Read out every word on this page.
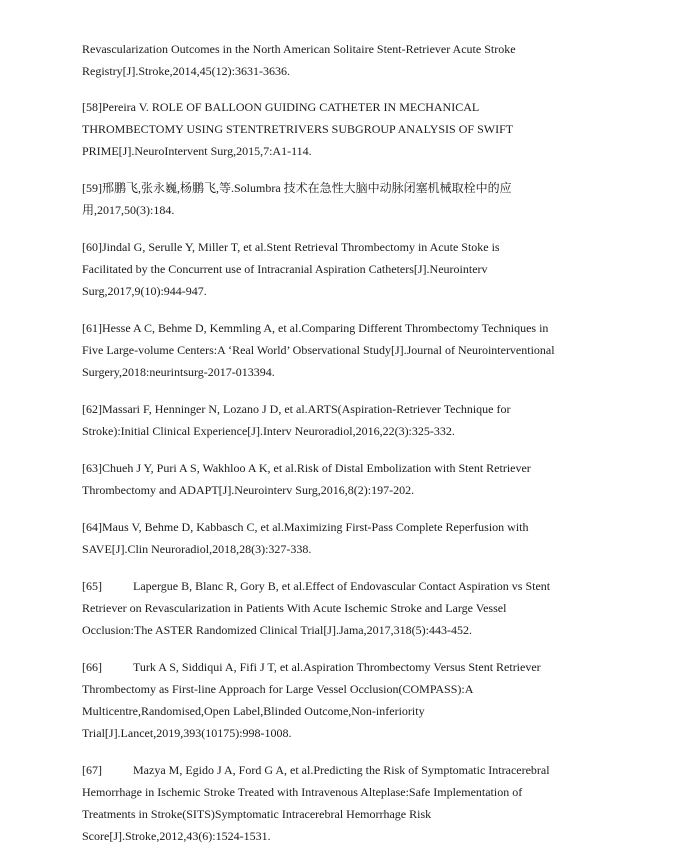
Revascularization Outcomes in the North American Solitaire Stent-Retriever Acute Stroke
Registry[J].Stroke,2014,45(12):3631-3636.
[58]Pereira V. ROLE OF BALLOON GUIDING CATHETER IN MECHANICAL
THROMBECTOMY USING STENTRETRIVERS SUBGROUP ANALYSIS OF SWIFT
PRIME[J].NeuroIntervent Surg,2015,7:A1-114.
[59]邢鹏飞,张永巍,杨鹏飞,等.Solumbra 技术在急性大脑中动脉闭塞机械取栓中的应
用,2017,50(3):184.
[60]Jindal G, Serulle Y, Miller T, et al.Stent Retrieval Thrombectomy in Acute Stoke is
Facilitated by the Concurrent use of Intracranial Aspiration Catheters[J].Neurointerv
Surg,2017,9(10):944-947.
[61]Hesse A C, Behme D, Kemmling A, et al.Comparing Different Thrombectomy Techniques in
Five Large-volume Centers:A ‘Real World’ Observational Study[J].Journal of Neurointerventional
Surgery,2018:neurintsurg-2017-013394.
[62]Massari F, Henninger N, Lozano J D, et al.ARTS(Aspiration-Retriever Technique for
Stroke):Initial Clinical Experience[J].Interv Neuroradiol,2016,22(3):325-332.
[63]Chueh J Y, Puri A S, Wakhloo A K, et al.Risk of Distal Embolization with Stent Retriever
Thrombectomy and ADAPT[J].Neurointerv Surg,2016,8(2):197-202.
[64]Maus V, Behme D, Kabbasch C, et al.Maximizing First-Pass Complete Reperfusion with
SAVE[J].Clin Neuroradiol,2018,28(3):327-338.
[65]	Lapergue B, Blanc R, Gory B, et al.Effect of Endovascular Contact Aspiration vs Stent
Retriever on Revascularization in Patients With Acute Ischemic Stroke and Large Vessel
Occlusion:The ASTER Randomized Clinical Trial[J].Jama,2017,318(5):443-452.
[66]	Turk A S, Siddiqui A, Fifi J T, et al.Aspiration Thrombectomy Versus Stent Retriever
Thrombectomy as First-line Approach for Large Vessel Occlusion(COMPASS):A
Multicentre,Randomised,Open Label,Blinded Outcome,Non-inferiority
Trial[J].Lancet,2019,393(10175):998-1008.
[67]	Mazya M, Egido J A, Ford G A, et al.Predicting the Risk of Symptomatic Intracerebral
Hemorrhage in Ischemic Stroke Treated with Intravenous Alteplase:Safe Implementation of
Treatments in Stroke(SITS)Symptomatic Intracerebral Hemorrhage Risk
Score[J].Stroke,2012,43(6):1524-1531.
